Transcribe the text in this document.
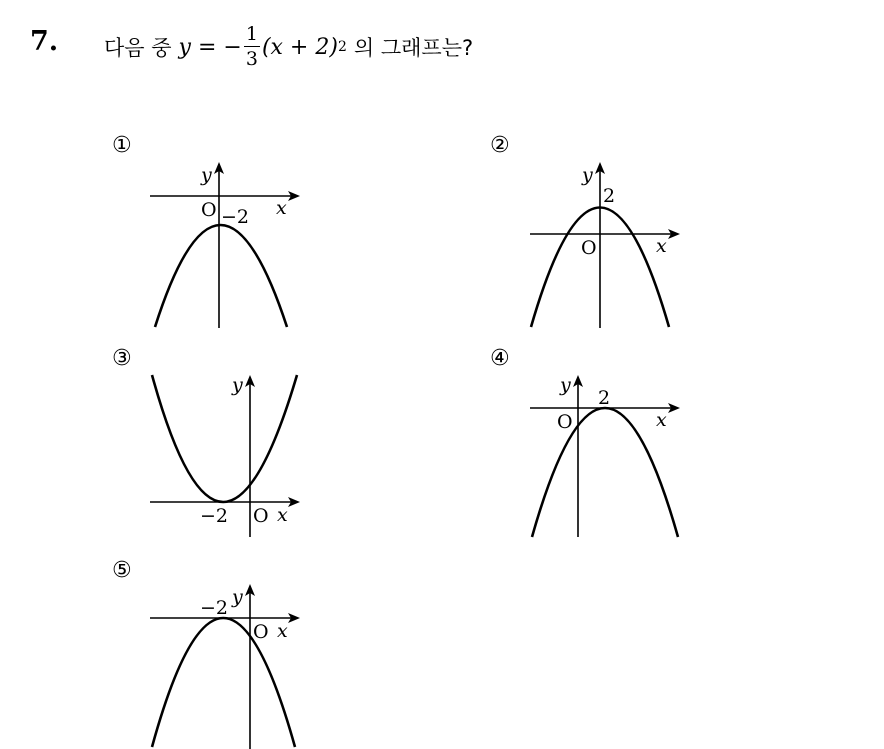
7. 다음 중
y
= − $\frac{1}{3} (x + 2)$ 2
의 그래프는?
①
y
x
O −2
②
y
x
O
2
③
y
x
O
−2
④
y
x
O
2
⑤
y
x
O
−2
